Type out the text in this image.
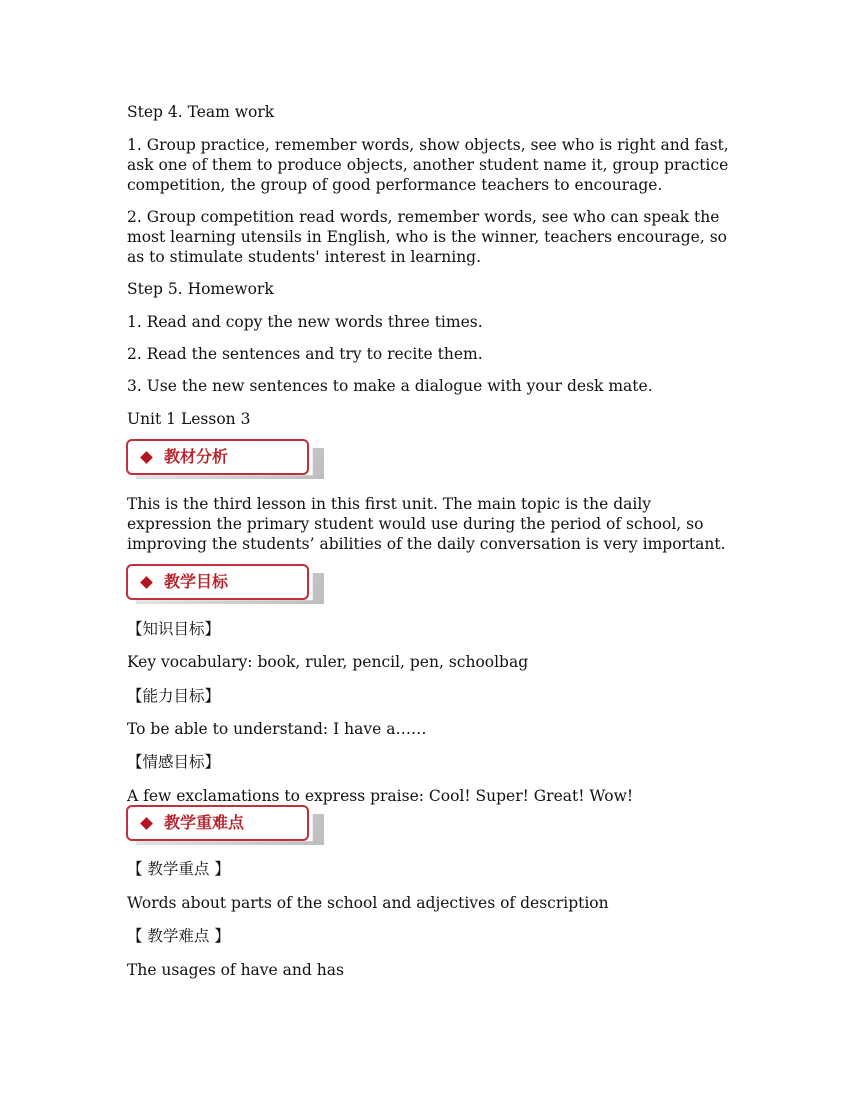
Step 4. Team work

1. Group practice, remember words, show objects, see who is right and fast, ask one of them to produce objects, another student name it, group practice competition, the group of good performance teachers to encourage.

2. Group competition read words, remember words, see who can speak the most learning utensils in English, who is the winner, teachers encourage, so as to stimulate students' interest in learning.

Step 5. Homework

1. Read and copy the new words three times.

2. Read the sentences and try to recite them.

3. Use the new sentences to make a dialogue with your desk mate.

Unit 1 Lesson 3

教材分析

This is the third lesson in this first unit. The main topic is the daily expression the primary student would use during the period of school, so improving the students’ abilities of the daily conversation is very important.

教学目标

【知识目标】

Key vocabulary: book, ruler, pencil, pen, schoolbag

【能力目标】

To be able to understand: I have a……

【情感目标】

A few exclamations to express praise: Cool! Super! Great! Wow!

教学重难点

【 教学重点 】

Words about parts of the school and adjectives of description

【 教学难点 】

The usages of have and has
